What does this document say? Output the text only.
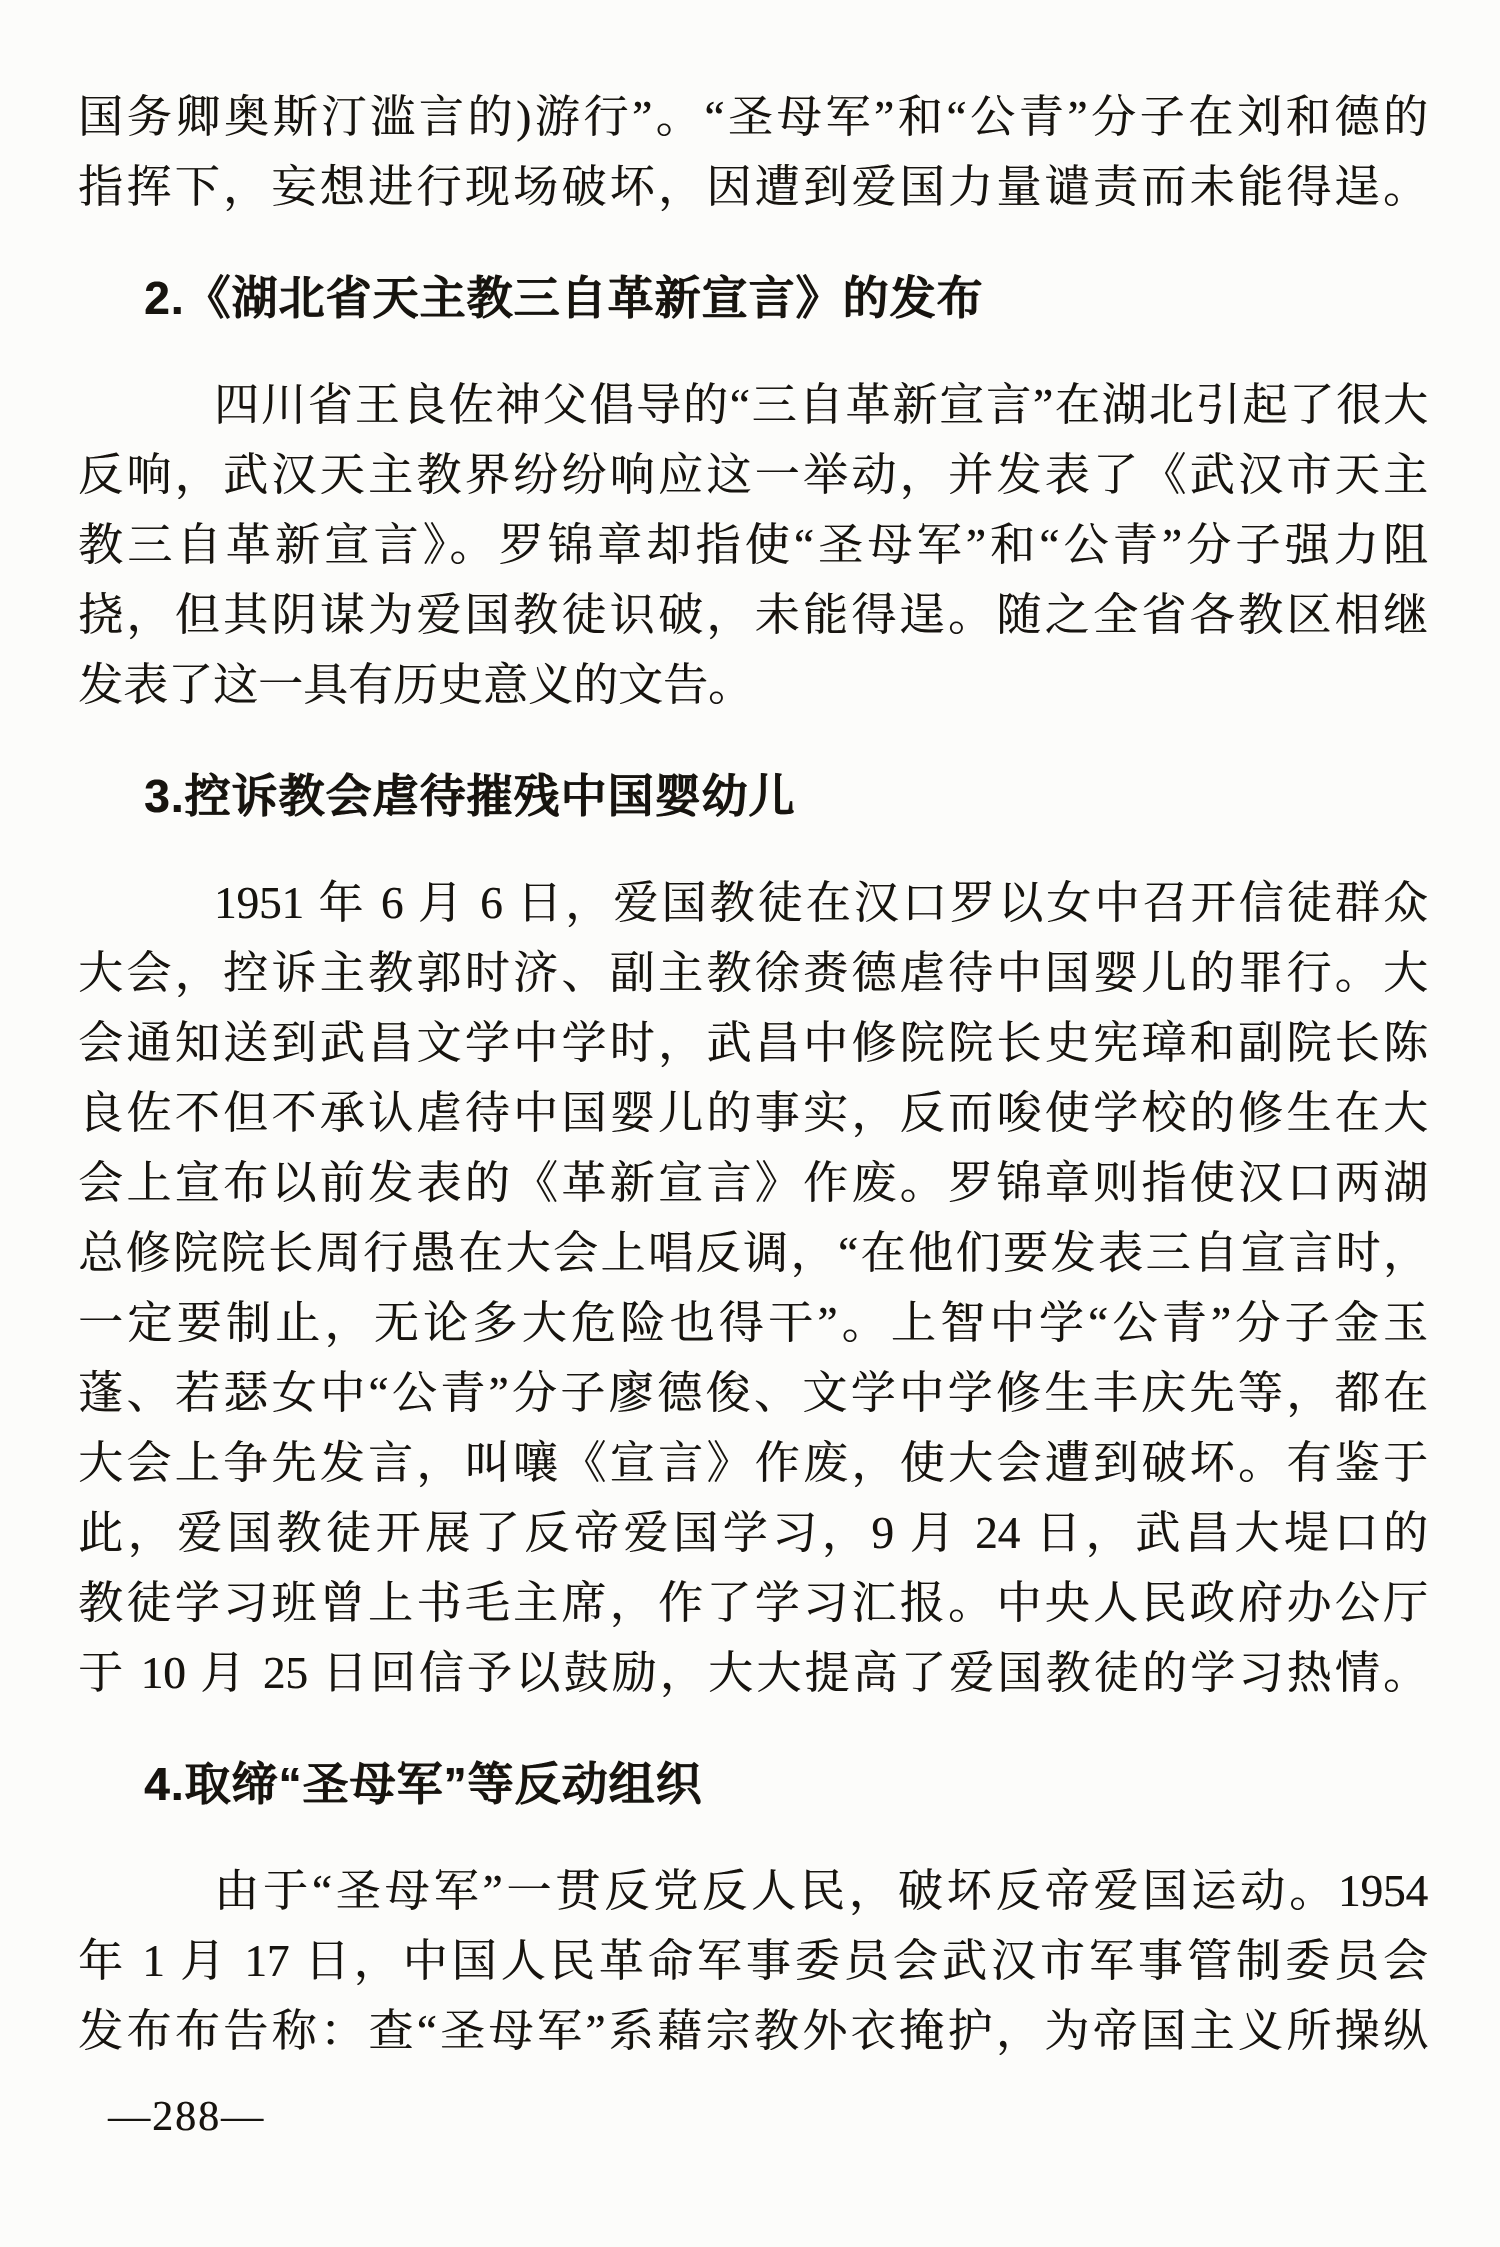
国务卿奥斯汀滥言的)游行”。“圣母军”和“公青”分子在刘和德的
指挥下，妄想进行现场破坏，因遭到爱国力量谴责而未能得逞。
2.《湖北省天主教三自革新宣言》的发布
四川省王良佐神父倡导的“三自革新宣言”在湖北引起了很大
反响，武汉天主教界纷纷响应这一举动，并发表了《武汉市天主
教三自革新宣言》。罗锦章却指使“圣母军”和“公青”分子强力阻
挠，但其阴谋为爱国教徒识破，未能得逞。随之全省各教区相继
发表了这一具有历史意义的文告。
3.控诉教会虐待摧残中国婴幼儿
1951 年 6 月 6 日，爱国教徒在汉口罗以女中召开信徒群众
大会，控诉主教郭时济、副主教徐赉德虐待中国婴儿的罪行。大
会通知送到武昌文学中学时，武昌中修院院长史宪璋和副院长陈
良佐不但不承认虐待中国婴儿的事实，反而唆使学校的修生在大
会上宣布以前发表的《革新宣言》作废。罗锦章则指使汉口两湖
总修院院长周行愚在大会上唱反调，“在他们要发表三自宣言时，
一定要制止，无论多大危险也得干”。上智中学“公青”分子金玉
蓬、若瑟女中“公青”分子廖德俊、文学中学修生丰庆先等，都在
大会上争先发言，叫嚷《宣言》作废，使大会遭到破坏。有鉴于
此，爱国教徒开展了反帝爱国学习，9 月 24 日，武昌大堤口的
教徒学习班曾上书毛主席，作了学习汇报。中央人民政府办公厅
于 10 月 25 日回信予以鼓励，大大提高了爱国教徒的学习热情。
4.取缔“圣母军”等反动组织
由于“圣母军”一贯反党反人民，破坏反帝爱国运动。1954
年 1 月 17 日，中国人民革命军事委员会武汉市军事管制委员会
发布布告称：查“圣母军”系藉宗教外衣掩护，为帝国主义所操纵
—288—
